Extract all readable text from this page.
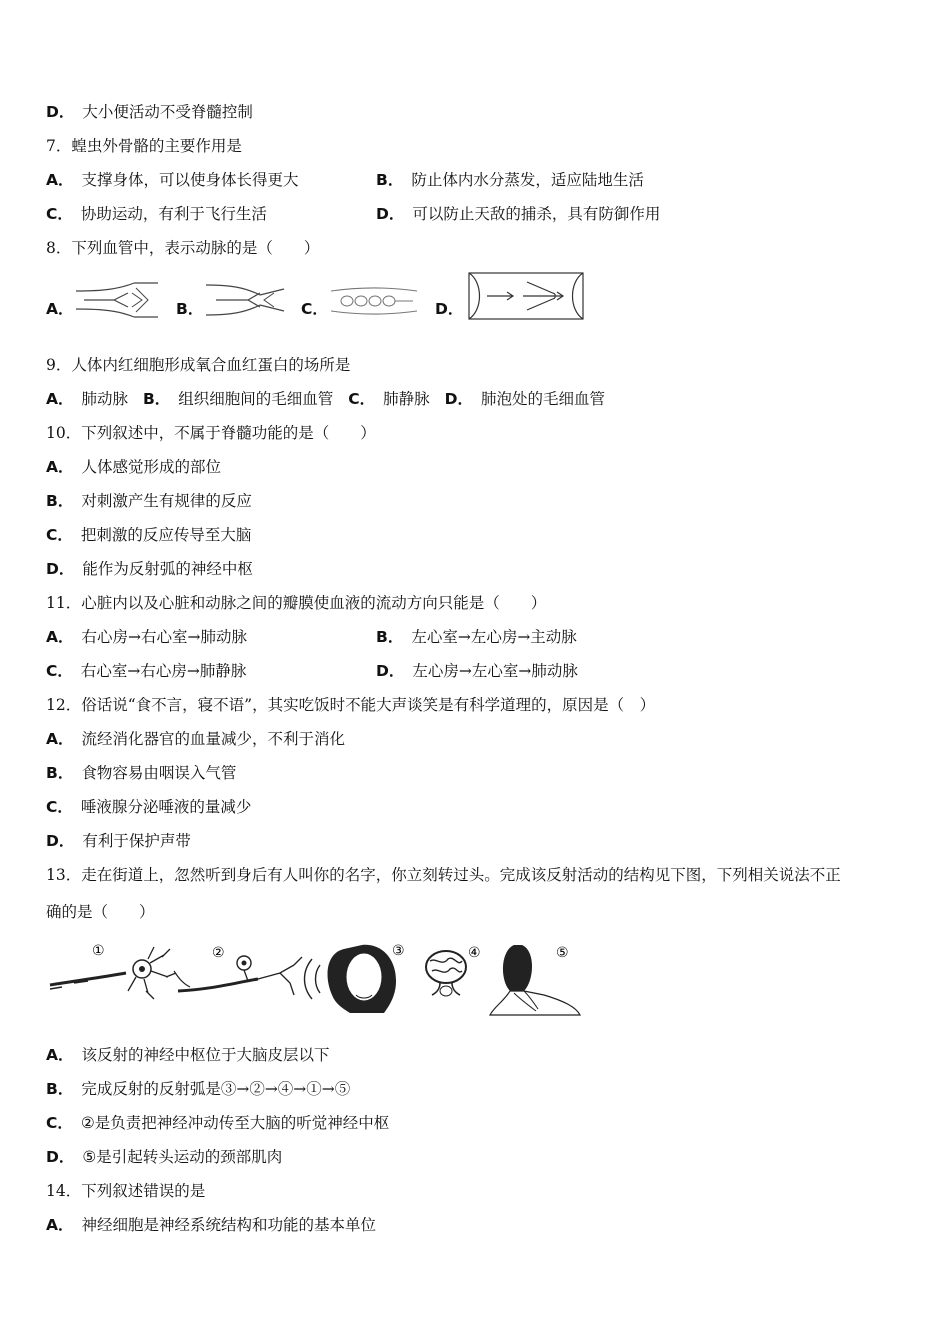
D． 大小便活动不受脊髓控制
7．蝗虫外骨骼的主要作用是
A． 支撑身体，可以使身体长得更大	B． 防止体内水分蒸发，适应陆地生活
C． 协助运动，有利于飞行生活	D． 可以防止天敌的捕杀，具有防御作用
8．下列血管中，表示动脉的是（　　）
A．	B．	C．	D．
9．人体内红细胞形成氧合血红蛋白的场所是
A． 肺动脉 B． 组织细胞间的毛细血管 C． 肺静脉 D． 肺泡处的毛细血管
10．下列叙述中，不属于脊髓功能的是（　　）
A． 人体感觉形成的部位
B． 对刺激产生有规律的反应
C． 把刺激的反应传导至大脑
D． 能作为反射弧的神经中枢
11．心脏内以及心脏和动脉之间的瓣膜使血液的流动方向只能是（　　）
A． 右心房→右心室→肺动脉	B． 左心室→左心房→主动脉
C． 右心室→右心房→肺静脉	D． 左心房→左心室→肺动脉
12．俗话说“食不言，寝不语”，其实吃饭时不能大声谈笑是有科学道理的，原因是（　）
A． 流经消化器官的血量减少，不利于消化
B． 食物容易由咽误入气管
C． 唾液腺分泌唾液的量减少
D． 有利于保护声带
13．走在街道上，忽然听到身后有人叫你的名字，你立刻转过头。完成该反射活动的结构见下图，下列相关说法不正
确的是（　　）
①	②	③	④	⑤
A． 该反射的神经中枢位于大脑皮层以下
B． 完成反射的反射弧是③→②→④→①→⑤
C． ②是负责把神经冲动传至大脑的听觉神经中枢
D． ⑤是引起转头运动的颈部肌肉
14．下列叙述错误的是
A． 神经细胞是神经系统结构和功能的基本单位
